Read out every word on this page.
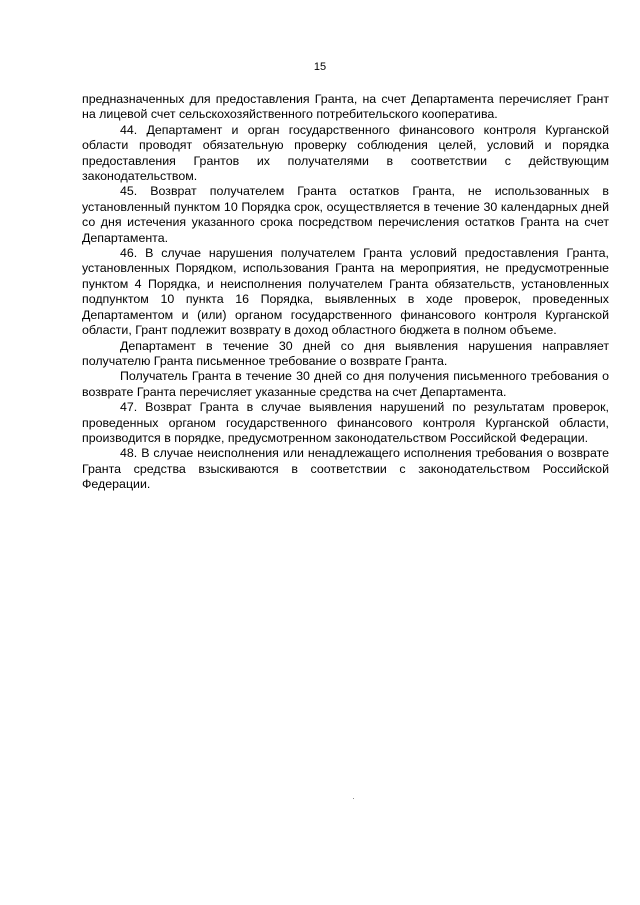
15

предназначенных для предоставления Гранта, на счет Департамента перечисляет Грант на лицевой счет сельскохозяйственного потребительского кооператива.

44. Департамент и орган государственного финансового контроля Курганской области проводят обязательную проверку соблюдения целей, условий и порядка предоставления Грантов их получателями в соответствии с действующим законодательством.

45. Возврат получателем Гранта остатков Гранта, не использованных в установленный пунктом 10 Порядка срок, осуществляется в течение 30 календарных дней со дня истечения указанного срока посредством перечисления остатков Гранта на счет Департамента.

46. В случае нарушения получателем Гранта условий предоставления Гранта, установленных Порядком, использования Гранта на мероприятия, не предусмотренные пунктом 4 Порядка, и неисполнения получателем Гранта обязательств, установленных подпунктом 10 пункта 16 Порядка, выявленных в ходе проверок, проведенных Департаментом и (или) органом государственного финансового контроля Курганской области, Грант подлежит возврату в доход областного бюджета в полном объеме.

Департамент в течение 30 дней со дня выявления нарушения направляет получателю Гранта письменное требование о возврате Гранта.

Получатель Гранта в течение 30 дней со дня получения письменного требования о возврате Гранта перечисляет указанные средства на счет Департамента.

47. Возврат Гранта в случае выявления нарушений по результатам проверок, проведенных органом государственного финансового контроля Курганской области, производится в порядке, предусмотренном законодательством Российской Федерации.

48. В случае неисполнения или ненадлежащего исполнения требования о возврате Гранта средства взыскиваются в соответствии с законодательством Российской Федерации.
